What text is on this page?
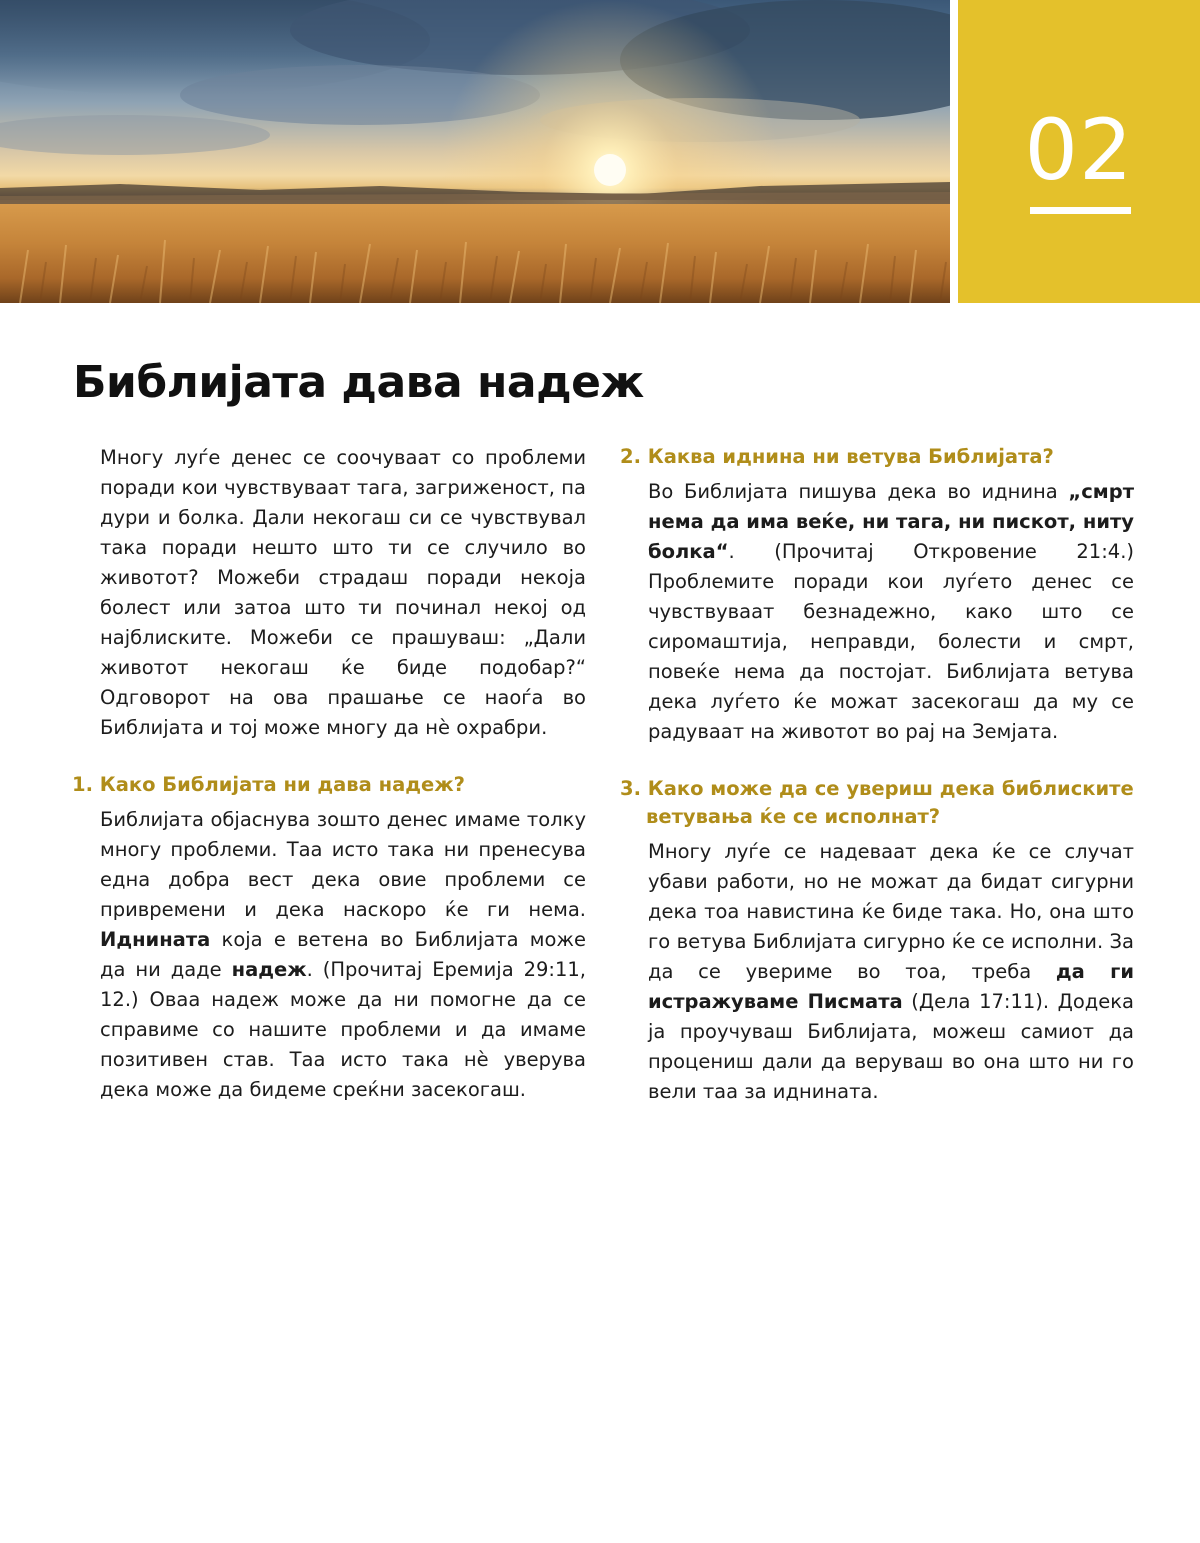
02
Библијата дава надеж

Многу луѓе денес се соочуваат со проблеми поради кои чувствуваат тага, загриженост, па дури и болка. Дали некогаш си се чувствувал така поради нешто што ти се случило во животот? Можеби страдаш поради некоја болест или затоа што ти починал некој од најблиските. Можеби се прашуваш: „Дали животот некогаш ќе биде подобар?“ Одговорот на ова прашање се наоѓа во Библијата и тој може многу да нѐ охрабри.

1. Како Библијата ни дава надеж?

Библијата објаснува зошто денес имаме толку многу проблеми. Таа исто така ни пренесува една добра вест дека овие проблеми се привремени и дека наскоро ќе ги нема. Иднината која е ветена во Библијата може да ни даде надеж. (Прочитај Еремија 29:11, 12.) Оваа надеж може да ни помогне да се справиме со нашите проблеми и да имаме позитивен став. Таа исто така нѐ уверува дека може да бидеме среќни засекогаш.

2. Каква иднина ни ветува Библијата?

Во Библијата пишува дека во иднина „смрт нема да има веќе, ни тага, ни пискот, ниту болка“. (Прочитај Откровение 21:4.) Проблемите поради кои луѓето денес се чувствуваат безнадежно, како што се сиромаштија, неправди, болести и смрт, повеќе нема да постојат. Библијата ветува дека луѓето ќе можат засекогаш да му се радуваат на животот во рај на Земјата.

3. Како може да се увериш дека библиските
ветувања ќе се исполнат?

Многу луѓе се надеваат дека ќе се случат убави работи, но не можат да бидат сигурни дека тоа навистина ќе биде така. Но, она што го ветува Библијата сигурно ќе се исполни. За да се увериме во тоа, треба да ги истражуваме Писмата (Дела 17:11). Додека ја проучуваш Библијата, можеш самиот да процениш дали да веруваш во она што ни го вели таа за иднината.
